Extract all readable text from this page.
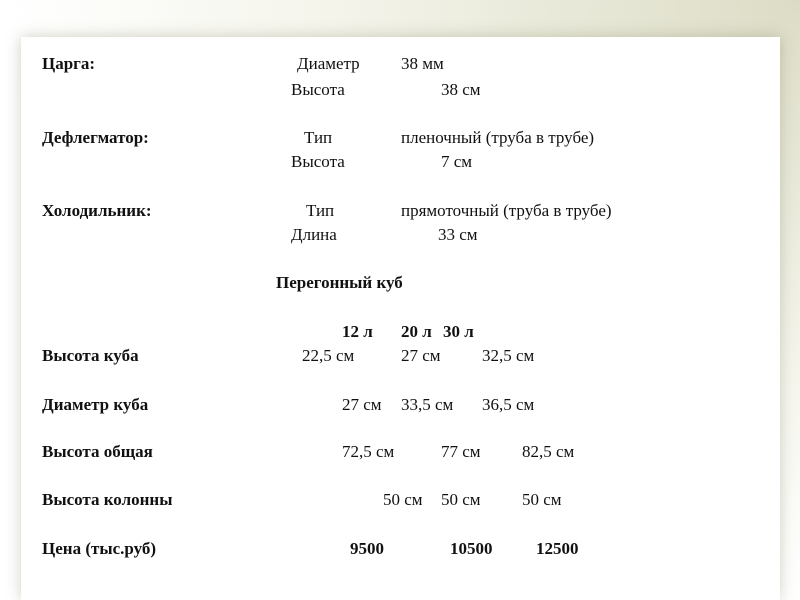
Царга:	Диаметр 38 мм
Высота	38 см
Дефлегматор:	Тип	пленочный (труба в трубе)
Высота	7 см
Холодильник:	Тип	прямоточный (труба в трубе)
Длина	33 см
Перегонный куб
12 л 20 л 30 л
Высота куба	22,5 см	27 см 32,5 см
Диаметр куба	27 см 33,5 см 36,5 см
Высота общая	72,5 см	77 см 82,5 см
Высота колонны	50 см 50 см 50 см
Цена (тыс.руб)	9500	10500	12500
